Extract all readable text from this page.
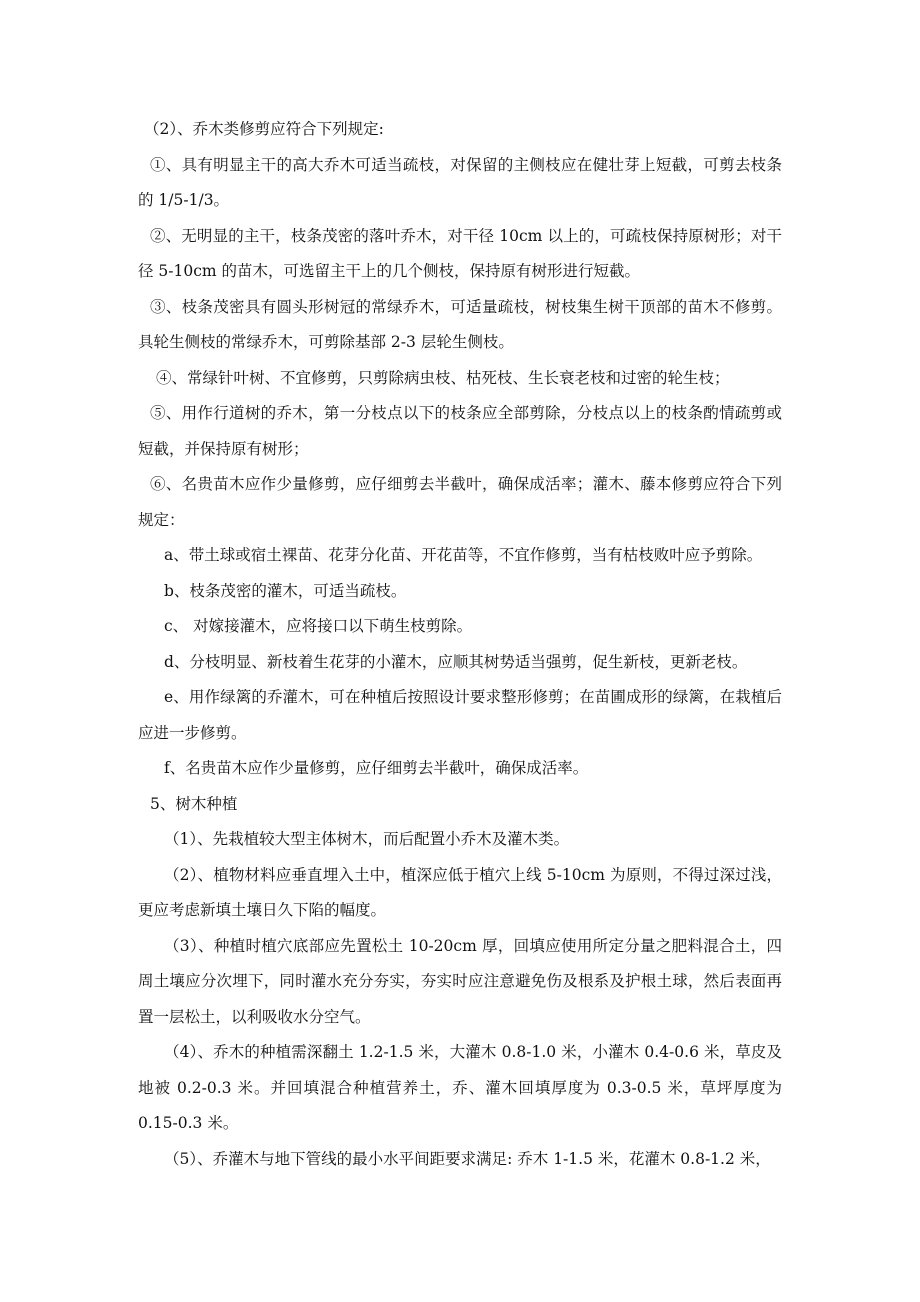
（2）、乔木类修剪应符合下列规定:

①、具有明显主干的高大乔木可适当疏枝，对保留的主侧枝应在健壮芽上短截，可剪去枝条的 1/5-1/3。

②、无明显的主干，枝条茂密的落叶乔木，对干径 10cm 以上的，可疏枝保持原树形；对干径 5-10cm 的苗木，可选留主干上的几个侧枝，保持原有树形进行短截。

③、枝条茂密具有圆头形树冠的常绿乔木，可适量疏枝，树枝集生树干顶部的苗木不修剪。具轮生侧枝的常绿乔木，可剪除基部 2-3 层轮生侧枝。

④、常绿针叶树、不宜修剪，只剪除病虫枝、枯死枝、生长衰老枝和过密的轮生枝；

⑤、用作行道树的乔木，第一分枝点以下的枝条应全部剪除，分枝点以上的枝条酌情疏剪或短截，并保持原有树形；

⑥、名贵苗木应作少量修剪，应仔细剪去半截叶，确保成活率；灌木、藤本修剪应符合下列规定：

a、带土球或宿土裸苗、花芽分化苗、开花苗等，不宜作修剪，当有枯枝败叶应予剪除。

b、枝条茂密的灌木，可适当疏枝。

c、 对嫁接灌木，应将接口以下萌生枝剪除。

d、分枝明显、新枝着生花芽的小灌木，应顺其树势适当强剪，促生新枝，更新老枝。

e、用作绿篱的乔灌木，可在种植后按照设计要求整形修剪；在苗圃成形的绿篱，在栽植后应进一步修剪。

f、名贵苗木应作少量修剪，应仔细剪去半截叶，确保成活率。

5、树木种植

（1）、先栽植较大型主体树木，而后配置小乔木及灌木类。

（2）、植物材料应垂直埋入土中，植深应低于植穴上线 5-10cm 为原则，不得过深过浅，更应考虑新填土壤日久下陷的幅度。

（3）、种植时植穴底部应先置松土 10-20cm 厚，回填应使用所定分量之肥料混合土，四周土壤应分次埋下，同时灌水充分夯实，夯实时应注意避免伤及根系及护根土球，然后表面再置一层松土，以利吸收水分空气。

（4）、乔木的种植需深翻土 1.2-1.5 米，大灌木 0.8-1.0 米，小灌木 0.4-0.6 米，草皮及地被 0.2-0.3 米。并回填混合种植营养土，乔、灌木回填厚度为 0.3-0.5 米，草坪厚度为 0.15-0.3 米。

（5）、乔灌木与地下管线的最小水平间距要求满足: 乔木 1-1.5 米，花灌木 0.8-1.2 米，
